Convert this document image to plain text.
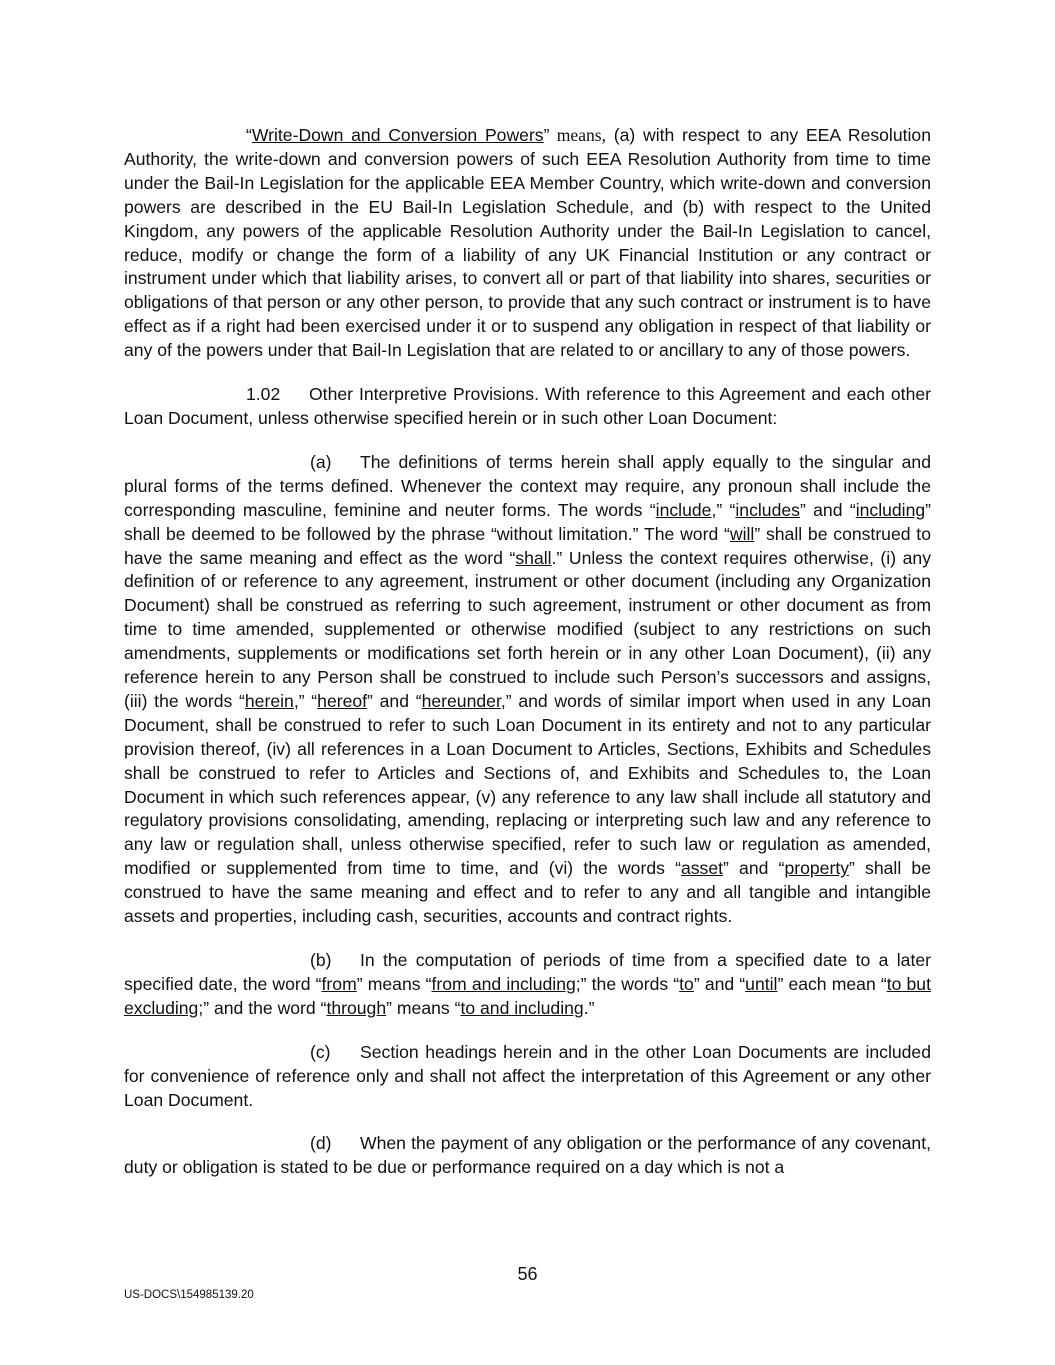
“Write-Down and Conversion Powers” means, (a) with respect to any EEA Resolution Authority, the write-down and conversion powers of such EEA Resolution Authority from time to time under the Bail-In Legislation for the applicable EEA Member Country, which write-down and conversion powers are described in the EU Bail-In Legislation Schedule, and (b) with respect to the United Kingdom, any powers of the applicable Resolution Authority under the Bail-In Legislation to cancel, reduce, modify or change the form of a liability of any UK Financial Institution or any contract or instrument under which that liability arises, to convert all or part of that liability into shares, securities or obligations of that person or any other person, to provide that any such contract or instrument is to have effect as if a right had been exercised under it or to suspend any obligation in respect of that liability or any of the powers under that Bail-In Legislation that are related to or ancillary to any of those powers.

1.02 Other Interpretive Provisions. With reference to this Agreement and each other Loan Document, unless otherwise specified herein or in such other Loan Document:

(a) The definitions of terms herein shall apply equally to the singular and plural forms of the terms defined. Whenever the context may require, any pronoun shall include the corresponding masculine, feminine and neuter forms. The words “include,” “includes” and “including” shall be deemed to be followed by the phrase “without limitation.” The word “will” shall be construed to have the same meaning and effect as the word “shall.” Unless the context requires otherwise, (i) any definition of or reference to any agreement, instrument or other document (including any Organization Document) shall be construed as referring to such agreement, instrument or other document as from time to time amended, supplemented or otherwise modified (subject to any restrictions on such amendments, supplements or modifications set forth herein or in any other Loan Document), (ii) any reference herein to any Person shall be construed to include such Person’s successors and assigns, (iii) the words “herein,” “hereof” and “hereunder,” and words of similar import when used in any Loan Document, shall be construed to refer to such Loan Document in its entirety and not to any particular provision thereof, (iv) all references in a Loan Document to Articles, Sections, Exhibits and Schedules shall be construed to refer to Articles and Sections of, and Exhibits and Schedules to, the Loan Document in which such references appear, (v) any reference to any law shall include all statutory and regulatory provisions consolidating, amending, replacing or interpreting such law and any reference to any law or regulation shall, unless otherwise specified, refer to such law or regulation as amended, modified or supplemented from time to time, and (vi) the words “asset” and “property” shall be construed to have the same meaning and effect and to refer to any and all tangible and intangible assets and properties, including cash, securities, accounts and contract rights.

(b) In the computation of periods of time from a specified date to a later specified date, the word “from” means “from and including;” the words “to” and “until” each mean “to but excluding;” and the word “through” means “to and including.”

(c) Section headings herein and in the other Loan Documents are included for convenience of reference only and shall not affect the interpretation of this Agreement or any other Loan Document.

(d) When the payment of any obligation or the performance of any covenant, duty or obligation is stated to be due or performance required on a day which is not a

56
US-DOCS\154985139.20
